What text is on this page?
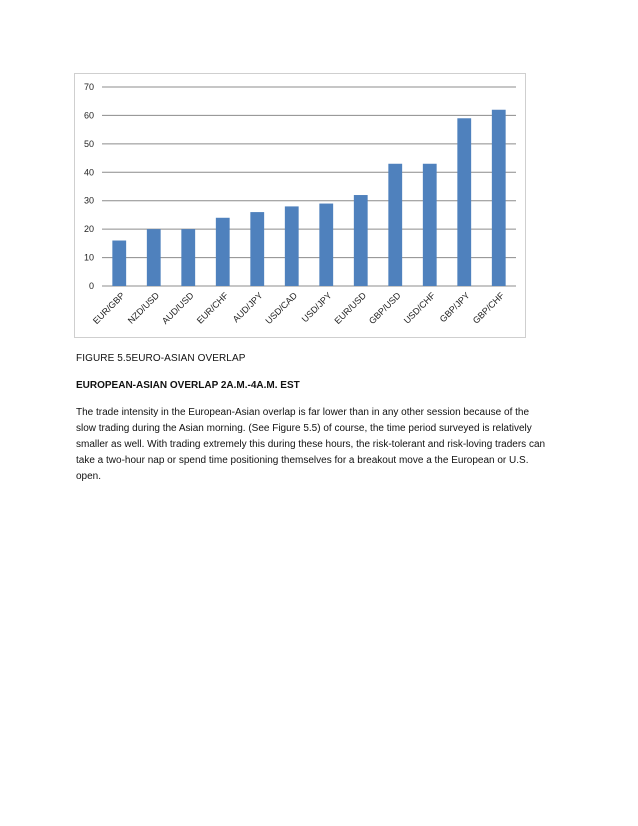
0
10
20
30
40
50
60
70
EUR/GBP NZD/USD
AUD/USD EUR/CHF AUD/JPY
USD/CAD USD/JPY
EUR/USD
GBP/USD USD/CHF GBP/JPY GBP/CHF
FIGURE 5.5EURO-ASIAN OVERLAP
EUROPEAN-ASIAN OVERLAP 2A.M.-4A.M. EST

The trade intensity in the European-Asian overlap is far lower than in any other session because of the slow trading during the Asian morning. (See Figure 5.5) of course, the time period surveyed is relatively smaller as well. With trading extremely this during these hours, the risk-tolerant and risk-loving traders can take a two-hour nap or spend time positioning themselves for a breakout move a the European or U.S. open.
